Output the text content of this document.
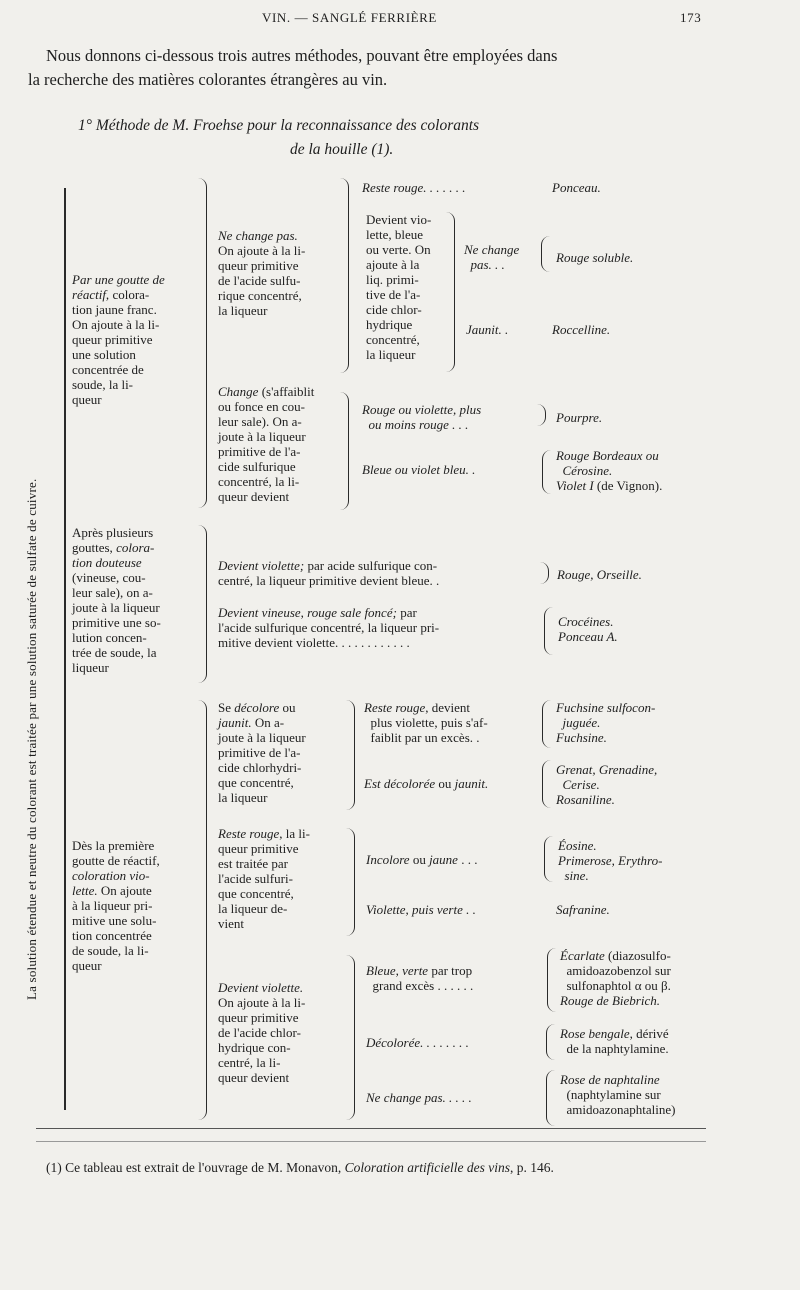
VIN. — SANGLÉ FERRIÈRE	173
Nous donnons ci-dessous trois autres méthodes, pouvant être employées dans
la recherche des matières colorantes étrangères au vin.
1° Méthode de M. Froehse pour la reconnaissance des colorants
de la houille (1).
La solution étendue et neutre du colorant est traitée par une solution saturée de sulfate de cuivre.
Par une goutte de
réactif, colora-
tion jaune franc.
On ajoute à la li-
queur primitive
une solution
concentrée de
soude, la li-
queur
Après plusieurs
gouttes, colora-
tion douteuse
(vineuse, cou-
leur sale), on a-
joute à la liqueur
primitive une so-
lution concen-
trée de soude, la
liqueur
Dès la première
goutte de réactif,
coloration vio-
lette. On ajoute
à la liqueur pri-
mitive une solu-
tion concentrée
de soude, la li-
queur
Ne change pas.
On ajoute à la li-
queur primitive
de l'acide sulfu-
rique concentré,
la liqueur
Change (s'affaiblit
ou fonce en cou-
leur sale). On a-
joute à la liqueur
primitive de l'a-
cide sulfurique
concentré, la li-
queur devient
Devient violette; par acide sulfurique con-
centré, la liqueur primitive devient bleue. .
Devient vineuse, rouge sale foncé; par
l'acide sulfurique concentré, la liqueur pri-
mitive devient violette. . . . . . . . . . . .
Se décolore ou
jaunit. On a-
joute à la liqueur
primitive de l'a-
cide chlorhydri-
que concentré,
la liqueur
Reste rouge, la li-
queur primitive
est traitée par
l'acide sulfuri-
que concentré,
la liqueur de-
vient
Devient violette.
On ajoute à la li-
queur primitive
de l'acide chlor-
hydrique con-
centré, la li-
queur devient
Reste rouge. . . . . . .
Devient vio-
lette, bleue
ou verte. On
ajoute à la
liq. primi-
tive de l'a-
cide chlor-
hydrique
concentré,
la liqueur
Ne change
pas. . .
Jaunit. .
Rouge ou violette, plus
ou moins rouge . . .
Bleue ou violet bleu. .
Reste rouge, devient
plus violette, puis s'af-
faiblit par un excès. .
Est décolorée ou jaunit.
Incolore ou jaune . . .
Violette, puis verte . .
Bleue, verte par trop
grand excès . . . . . .
Décolorée. . . . . . . .
Ne change pas. . . . .
Ponceau.
Rouge soluble.
Roccelline.
Pourpre.
Rouge Bordeaux ou
Cérosine.
Violet I (de Vignon).
Rouge, Orseille.
Crocéines.
Ponceau A.
Fuchsine sulfocon-
juguée.
Fuchsine.
Grenat, Grenadine,
Cerise.
Rosaniline.
Éosine.
Primerose, Erythro-
sine.
Safranine.
Écarlate (diazosulfo-
amidoazobenzol sur
sulfonaphtol α ou β.
Rouge de Biebrich.
Rose bengale, dérivé
de la naphtylamine.
Rose de naphtaline
(naphtylamine sur
amidoazonaphtaline)
(1) Ce tableau est extrait de l'ouvrage de M. Monavon, Coloration artificielle des vins, p. 146.
